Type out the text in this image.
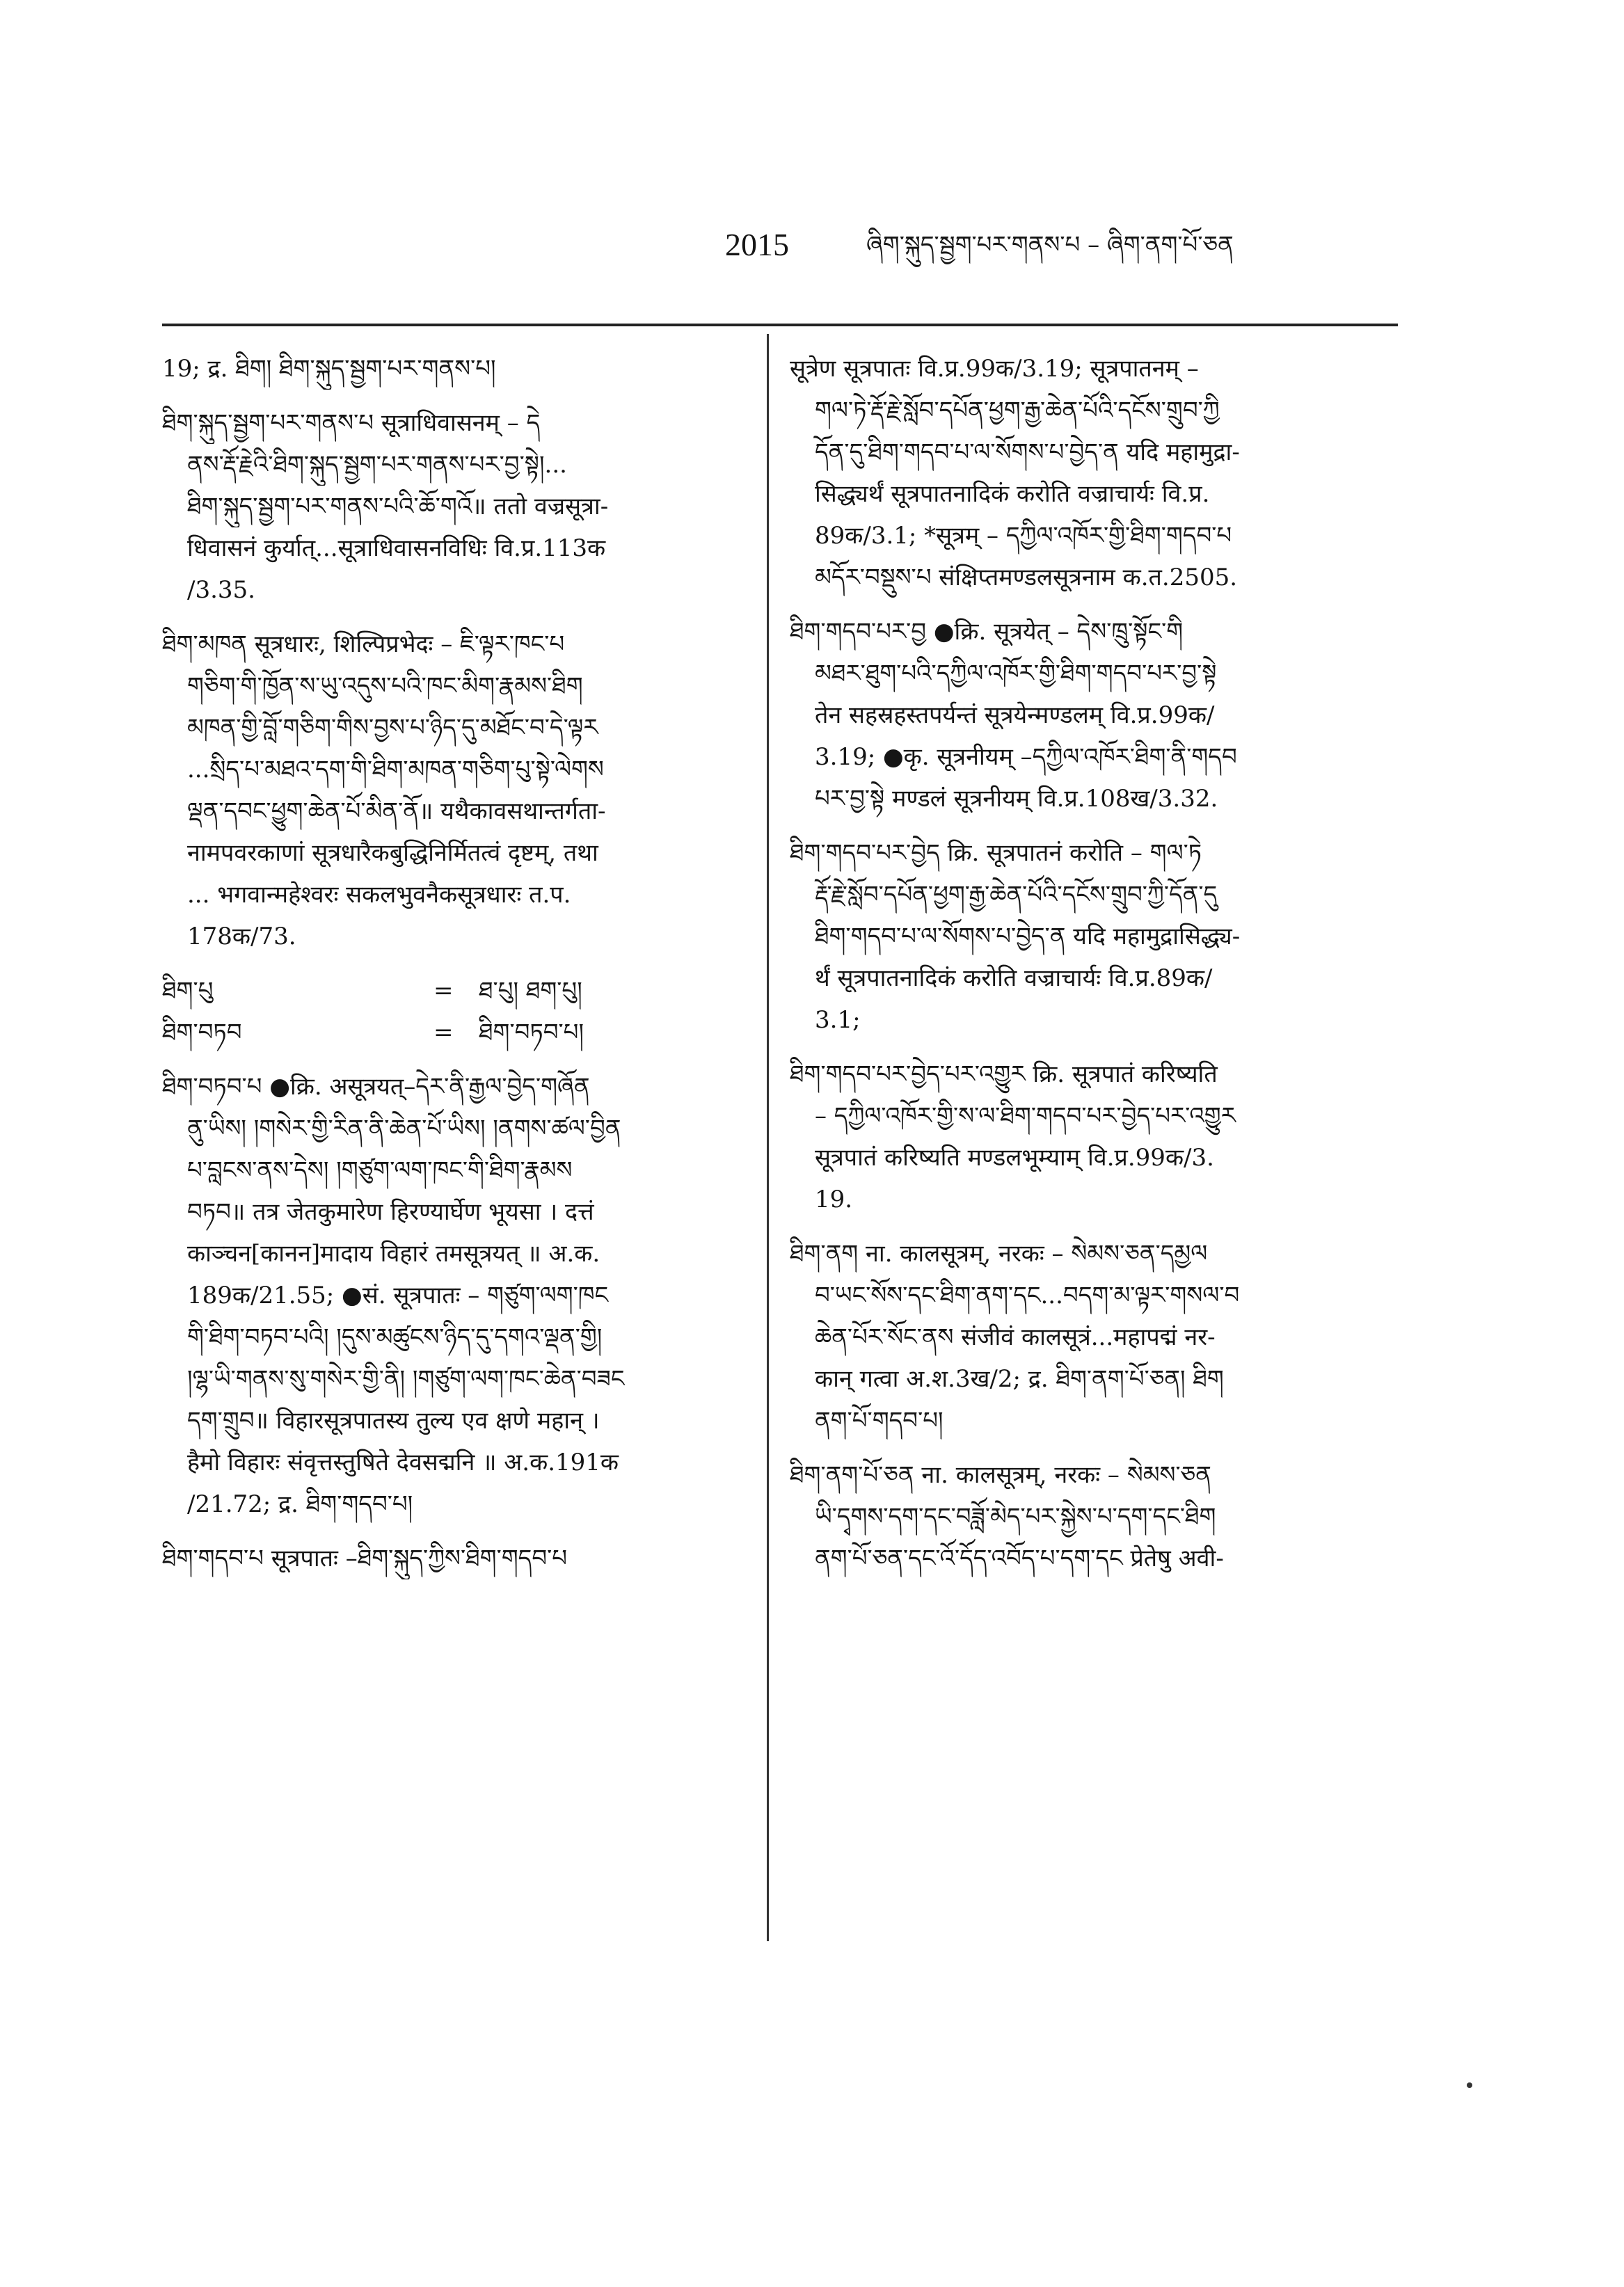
2015	ཞིག་སྐུད་སྦྱག་པར་གནས་པ – ཞིག་ནག་པོ་ཅན
19; द्र. ཐིག། ཐིག་སྐུད་སྦྱག་པར་གནས་པ།
ཐིག་སྐུད་སྦྱག་པར་གནས་པ सूत्राधिवासनम् – དེ
ནས་རྡོ་རྗེའི་ཐིག་སྐུད་སྦྱག་པར་གནས་པར་བྱ་སྟེ།...
ཐིག་སྐུད་སྦྱག་པར་གནས་པའི་ཆོ་གའོ॥ ततो वज्रसूत्रा-
धिवासनं कुर्यात्...सूत्राधिवासनविधिः वि.प्र.113क
/3.35.
ཐིག་མཁན सूत्रधारः, शिल्पिप्रभेदः – ཇི་ལྟར་ཁང་པ
གཅིག་གི་ཁྱོན་ས་ཡུ་འདུས་པའི་ཁང་མིག་རྣམས་ཐིག
མཁན་གྱི་བློ་གཅིག་གིས་བྱས་པ་ཉིད་དུ་མཐོང་བ་དེ་ལྟར
...སྲིད་པ་མཐའ་དག་གི་ཐིག་མཁན་གཅིག་པུ་སྟེ་ལེགས
ལྡན་དབང་ཕྱུག་ཆེན་པོ་མིན་ནོ॥ यथैकावसथान्तर्गता-
नामपवरकाणां सूत्रधारैकबुद्धिनिर्मितत्वं दृष्टम्, तथा
... भगवान्महेश्वरः सकलभुवनैकसूत्रधारः त.प.
178क/73.
ཐིག་པུ	= ཐ་པུ། ཐག་པུ།
ཐིག་བཏབ	= ཐིག་བཏབ་པ།
ཐིག་བཏབ་པ ●क्रि. असूत्रयत्–དེར་ནི་རྒྱལ་བྱེད་གཞོན
ནུ་ཡིས། །གསེར་གྱི་རིན་ནི་ཆེན་པོ་ཡིས། །ནགས་ཚལ་བྱིན
པ་བླངས་ནས་དེས། །གཙུག་ལག་ཁང་གི་ཐིག་རྣམས
བཏབ॥ तत्र जेतकुमारेण हिरण्यार्घेण भूयसा । दत्तं
काञ्चन[कानन]मादाय विहारं तमसूत्रयत् ॥ अ.क.
189क/21.55; ●सं. सूत्रपातः – གཙུག་ལག་ཁང
གི་ཐིག་བཏབ་པའི། །དུས་མཚུངས་ཉིད་དུ་དགའ་ལྡན་གྱི།
།ལྷ་ཡི་གནས་སུ་གསེར་གྱི་ནི། །གཙུག་ལག་ཁང་ཆེན་བཟང
དག་གྲུབ॥ विहारसूत्रपातस्य तुल्य एव क्षणे महान् ।
हैमो विहारः संवृत्तस्तुषिते देवसद्मनि ॥ अ.क.191क
/21.72; द्र. ཐིག་གདབ་པ།
ཐིག་གདབ་པ सूत्रपातः –ཐིག་སྐུད་ཀྱིས་ཐིག་གདབ་པ
सूत्रेण सूत्रपातः वि.प्र.99क/3.19; सूत्रपातनम् –
གལ་ཏེ་རྡོ་རྗེ་སློབ་དཔོན་ཕྱག་རྒྱ་ཆེན་པོའི་དངོས་གྲུབ་ཀྱི
དོན་དུ་ཐིག་གདབ་པ་ལ་སོགས་པ་བྱེད་ན यदि महामुद्रा-
सिद्ध्यर्थं सूत्रपातनादिकं करोति वज्राचार्यः वि.प्र.
89क/3.1; *सूत्रम् – དཀྱིལ་འཁོར་གྱི་ཐིག་གདབ་པ
མདོར་བསྡུས་པ संक्षिप्तमण्डलसूत्रनाम क.त.2505.
ཐིག་གདབ་པར་བྱ ●क्रि. सूत्रयेत् – དེས་ཁྲུ་སྟོང་གི
མཐར་ཐུག་པའི་དཀྱིལ་འཁོར་གྱི་ཐིག་གདབ་པར་བྱ་སྟེ
तेन सहस्रहस्तपर्यन्तं सूत्रयेन्मण्डलम् वि.प्र.99क/
3.19; ●कृ. सूत्रनीयम् –དཀྱིལ་འཁོར་ཐིག་ནི་གདབ
པར་བྱ་སྟེ मण्डलं सूत्रनीयम् वि.प्र.108ख/3.32.
ཐིག་གདབ་པར་བྱེད क्रि. सूत्रपातनं करोति – གལ་ཏེ
རྡོ་རྗེ་སློབ་དཔོན་ཕྱག་རྒྱ་ཆེན་པོའི་དངོས་གྲུབ་ཀྱི་དོན་དུ
ཐིག་གདབ་པ་ལ་སོགས་པ་བྱེད་ན यदि महामुद्रासिद्ध्य-
र्थं सूत्रपातनादिकं करोति वज्राचार्यः वि.प्र.89क/
3.1;
ཐིག་གདབ་པར་བྱེད་པར་འགྱུར क्रि. सूत्रपातं करिष्यति
– དཀྱིལ་འཁོར་གྱི་ས་ལ་ཐིག་གདབ་པར་བྱེད་པར་འགྱུར
सूत्रपातं करिष्यति मण्डलभूम्याम् वि.प्र.99क/3.
19.
ཐིག་ནག ना. कालसूत्रम्, नरकः – སེམས་ཅན་དམྱལ
བ་ཡང་སོས་དང་ཐིག་ནག་དང...བདག་མ་ལྟར་གསལ་བ
ཆེན་པོར་སོང་ནས संजीवं कालसूत्रं...महापद्मं नर-
कान् गत्वा अ.श.3ख/2; द्र. ཐིག་ནག་པོ་ཅན། ཐིག
ནག་པོ་གདབ་པ།
ཐིག་ནག་པོ་ཅན ना. कालसूत्रम्, नरकः – སེམས་ཅན
ཡི་དྭགས་དག་དང་བཟློ་མེད་པར་སྐྱེས་པ་དག་དང་ཐིག
ནག་པོ་ཅན་དང་འོ་དོད་འབོད་པ་དག་དང प्रेतेषु अवी-
